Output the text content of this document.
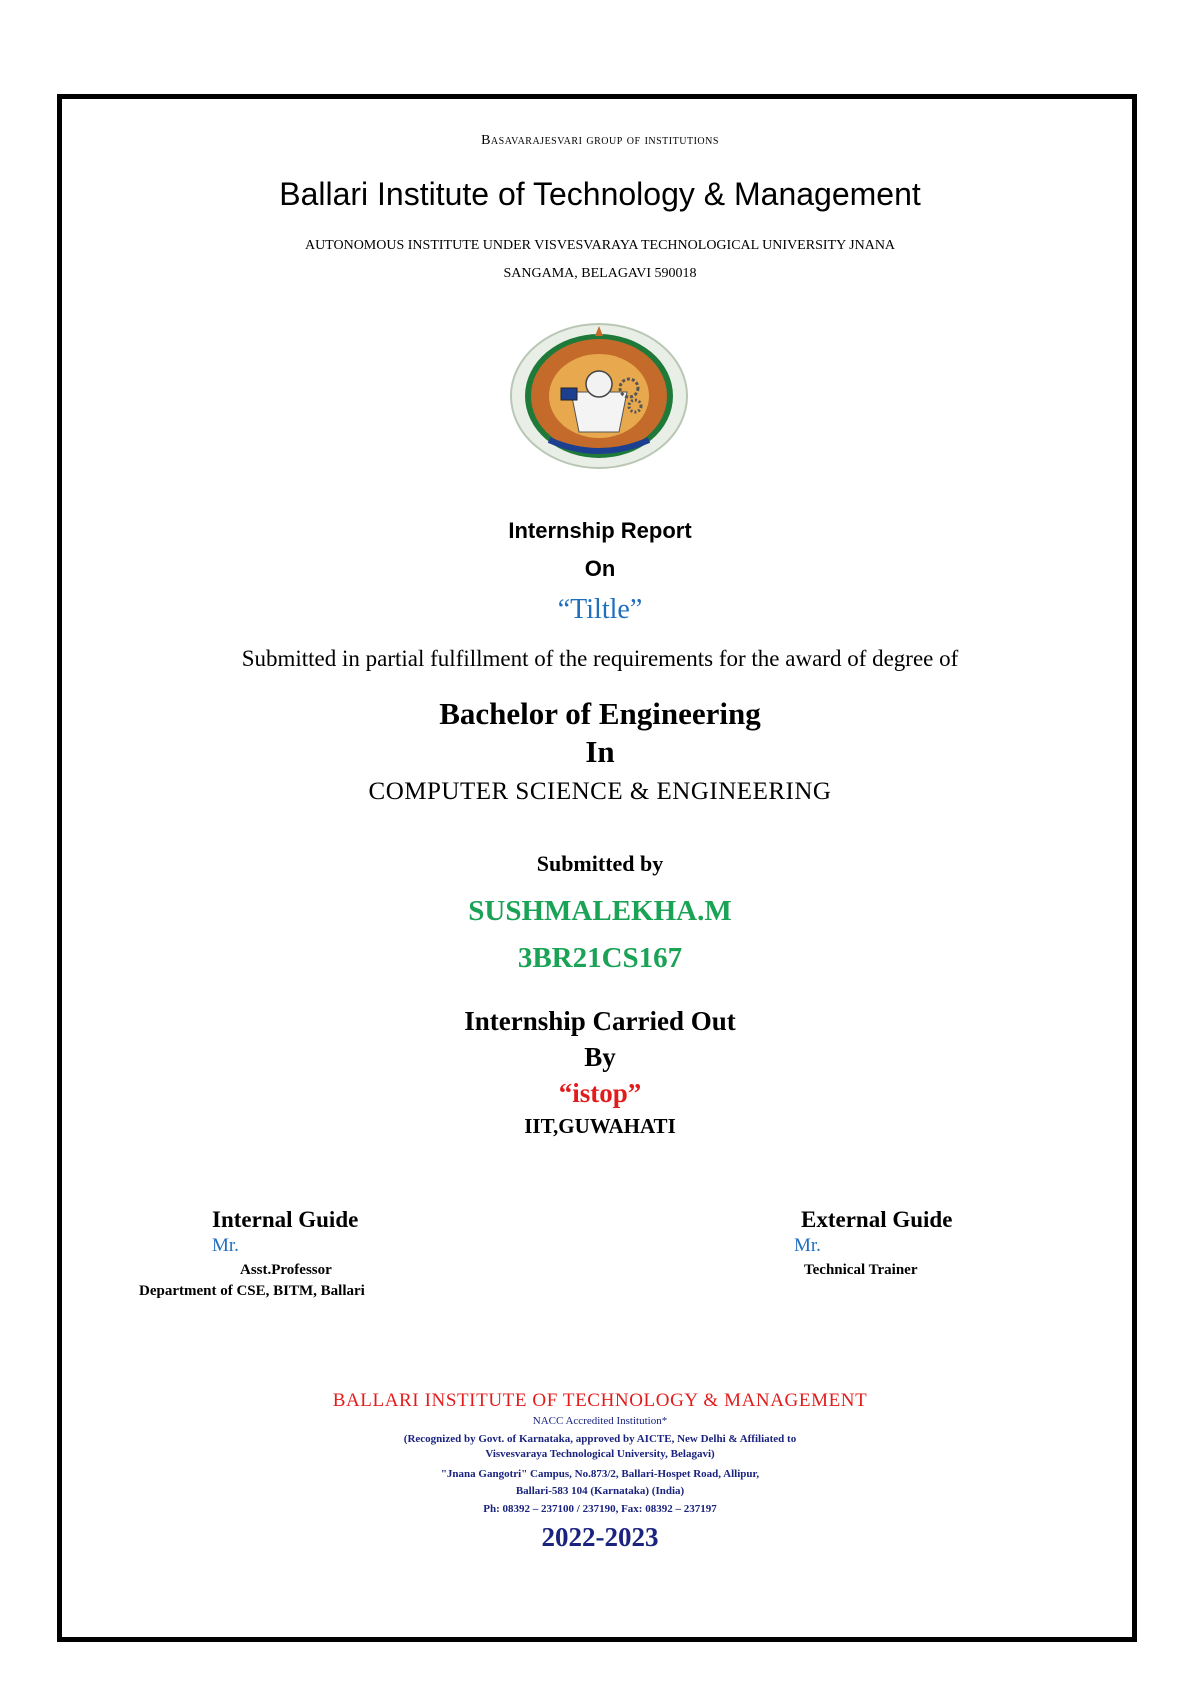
Basavarajesvari group of institutions
Ballari Institute of Technology & Management
AUTONOMOUS INSTITUTE UNDER VISVESVARAYA TECHNOLOGICAL UNIVERSITY JNANA
SANGAMA, BELAGAVI 590018
Internship Report
On
“Tiltle”
Submitted in partial fulfillment of the requirements for the award of degree of
Bachelor of Engineering
In
COMPUTER SCIENCE & ENGINEERING
Submitted by
SUSHMALEKHA.M
3BR21CS167
Internship Carried Out
By
“istop”
IIT,GUWAHATI
Internal Guide
Mr.
Asst.Professor
Department of CSE, BITM, Ballari
External Guide
Mr.
Technical Trainer
BALLARI INSTITUTE OF TECHNOLOGY & MANAGEMENT
NACC Accredited Institution*
(Recognized by Govt. of Karnataka, approved by AICTE, New Delhi & Affiliated to
Visvesvaraya Technological University, Belagavi)
"Jnana Gangotri" Campus, No.873/2, Ballari-Hospet Road, Allipur,
Ballari-583 104 (Karnataka) (India)
Ph: 08392 – 237100 / 237190, Fax: 08392 – 237197
2022-2023
